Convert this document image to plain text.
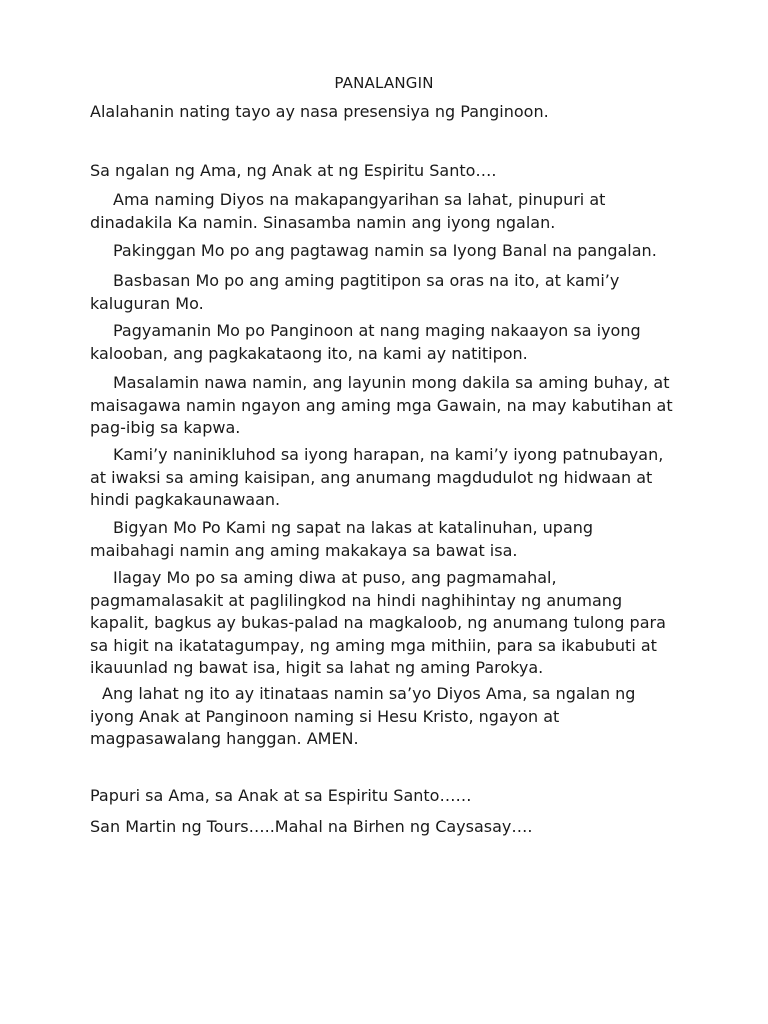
PANALANGIN

Alalahanin nating tayo ay nasa presensiya ng Panginoon.

Sa ngalan ng Ama, ng Anak at ng Espiritu Santo….

Ama naming Diyos na makapangyarihan sa lahat, pinupuri at
dinadakila Ka namin. Sinasamba namin ang iyong ngalan.
Pakinggan Mo po ang pagtawag namin sa Iyong Banal na pangalan.
Basbasan Mo po ang aming pagtitipon sa oras na ito, at kami’y
kaluguran Mo.
Pagyamanin Mo po Panginoon at nang maging nakaayon sa iyong
kalooban, ang pagkakataong ito, na kami ay natitipon.
Masalamin nawa namin, ang layunin mong dakila sa aming buhay, at
maisagawa namin ngayon ang aming mga Gawain, na may kabutihan at
pag-ibig sa kapwa.
Kami’y naninikluhod sa iyong harapan, na kami’y iyong patnubayan,
at iwaksi sa aming kaisipan, ang anumang magdudulot ng hidwaan at
hindi pagkakaunawaan.
Bigyan Mo Po Kami ng sapat na lakas at katalinuhan, upang
maibahagi namin ang aming makakaya sa bawat isa.
Ilagay Mo po sa aming diwa at puso, ang pagmamahal,
pagmamalasakit at paglilingkod na hindi naghihintay ng anumang
kapalit, bagkus ay bukas-palad na magkaloob, ng anumang tulong para
sa higit na ikatatagumpay, ng aming mga mithiin, para sa ikabubuti at
ikauunlad ng bawat isa, higit sa lahat ng aming Parokya.
Ang lahat ng ito ay itinataas namin sa’yo Diyos Ama, sa ngalan ng
iyong Anak at Panginoon naming si Hesu Kristo, ngayon at
magpasawalang hanggan. AMEN.

Papuri sa Ama, sa Anak at sa Espiritu Santo……

San Martin ng Tours…..Mahal na Birhen ng Caysasay….
